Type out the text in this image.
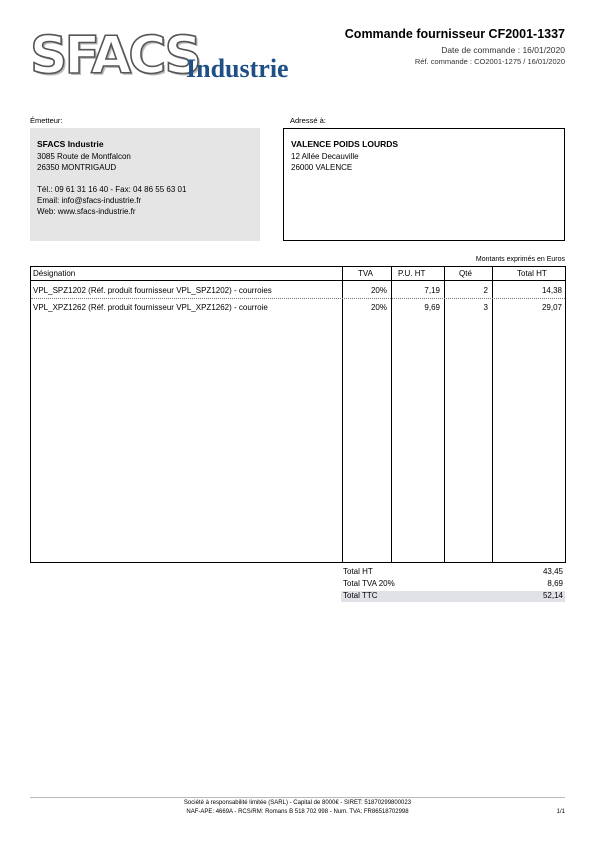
SFACS
Industrie
Commande fournisseur CF2001-1337
Date de commande : 16/01/2020
Réf. commande : CO2001-1275 / 16/01/2020
Émetteur:
SFACS Industrie
3085 Route de Montfalcon
26350 MONTRIGAUD
Tél.: 09 61 31 16 40 - Fax: 04 86 55 63 01
Email: info@sfacs-industrie.fr
Web: www.sfacs-industrie.fr
Adressé à:
VALENCE POIDS LOURDS
12 Allée Decauville
26000 VALENCE
Montants exprimés en Euros
Désignation	TVA	P.U. HT	Qté	Total HT
VPL_SPZ1202 (Réf. produit fournisseur VPL_SPZ1202) - courroies	20%	7,19	2	14,38
VPL_XPZ1262 (Réf. produit fournisseur VPL_XPZ1262) - courroie	20%	9,69	3	29,07
Total HT	43,45
Total TVA 20%	8,69
Total TTC	52,14
Société à responsabilité limitée (SARL) - Capital de 8000€ - SIRET: 51870299800023
NAF-APE: 4669A - RCS/RM: Romans B 518 702 998 - Num. TVA: FR86518702998	1/1
